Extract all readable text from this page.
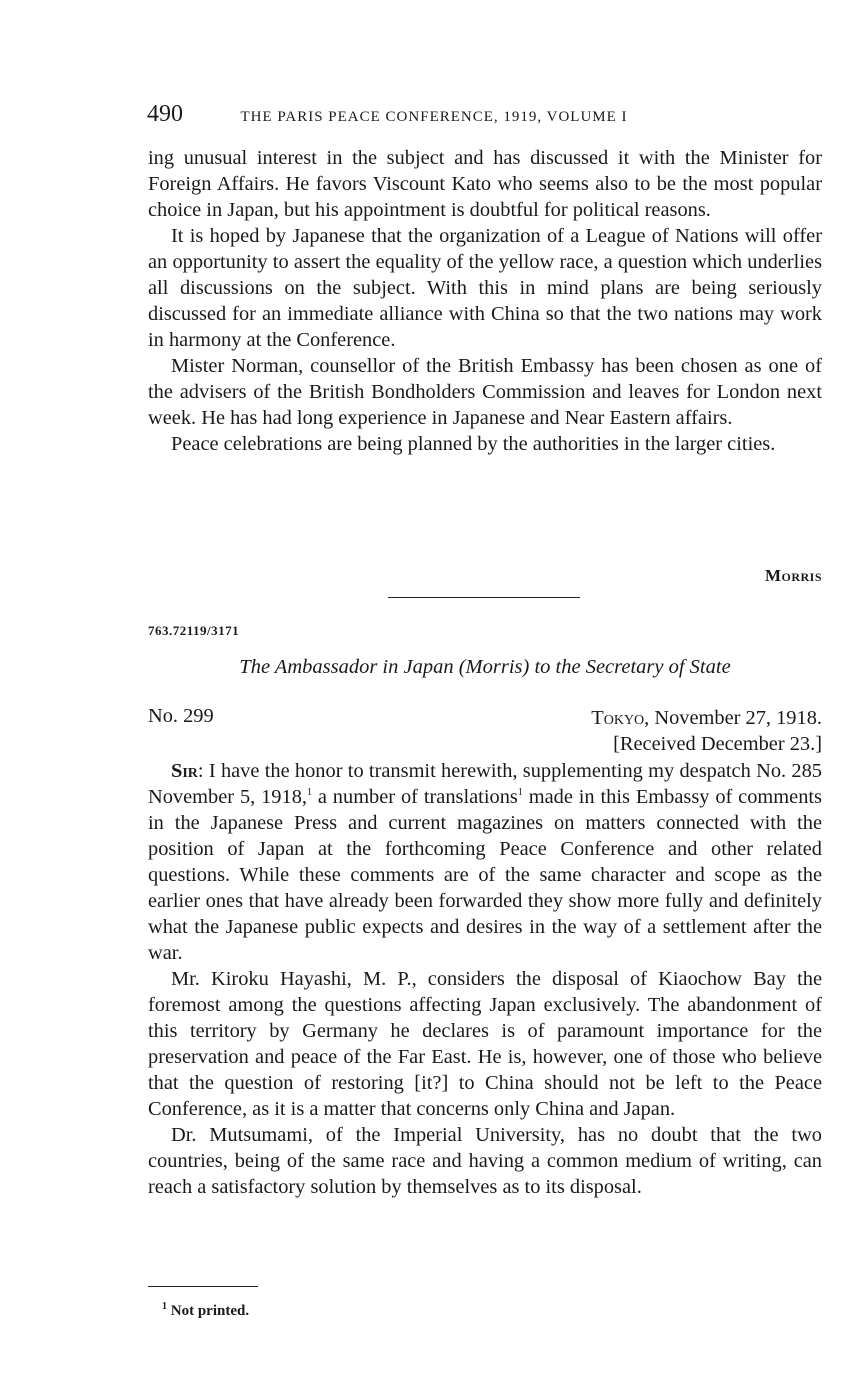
490	THE PARIS PEACE CONFERENCE, 1919, VOLUME I

ing unusual interest in the subject and has discussed it with the Minister for Foreign Affairs. He favors Viscount Kato who seems also to be the most popular choice in Japan, but his appointment is doubtful for political reasons.

It is hoped by Japanese that the organization of a League of Nations will offer an opportunity to assert the equality of the yellow race, a question which underlies all discussions on the subject. With this in mind plans are being seriously discussed for an immediate alliance with China so that the two nations may work in harmony at the Conference.

Mister Norman, counsellor of the British Embassy has been chosen as one of the advisers of the British Bondholders Commission and leaves for London next week. He has had long experience in Japanese and Near Eastern affairs.

Peace celebrations are being planned by the authorities in the larger cities.

Morris
763.72119/3171
The Ambassador in Japan (Morris) to the Secretary of State
No. 299	Tokyo, November 27, 1918.
[Received December 23.]

Sir: I have the honor to transmit herewith, supplementing my despatch No. 285 November 5, 1918,$^1$ a number of translations$^1$ made in this Embassy of comments in the Japanese Press and current magazines on matters connected with the position of Japan at the forthcoming Peace Conference and other related questions. While these comments are of the same character and scope as the earlier ones that have already been forwarded they show more fully and definitely what the Japanese public expects and desires in the way of a settlement after the war.

Mr. Kiroku Hayashi, M. P., considers the disposal of Kiaochow Bay the foremost among the questions affecting Japan exclusively. The abandonment of this territory by Germany he declares is of paramount importance for the preservation and peace of the Far East. He is, however, one of those who believe that the question of restoring [it?] to China should not be left to the Peace Conference, as it is a matter that concerns only China and Japan.

Dr. Mutsumami, of the Imperial University, has no doubt that the two countries, being of the same race and having a common medium of writing, can reach a satisfactory solution by themselves as to its disposal.

$^1$ Not printed.
